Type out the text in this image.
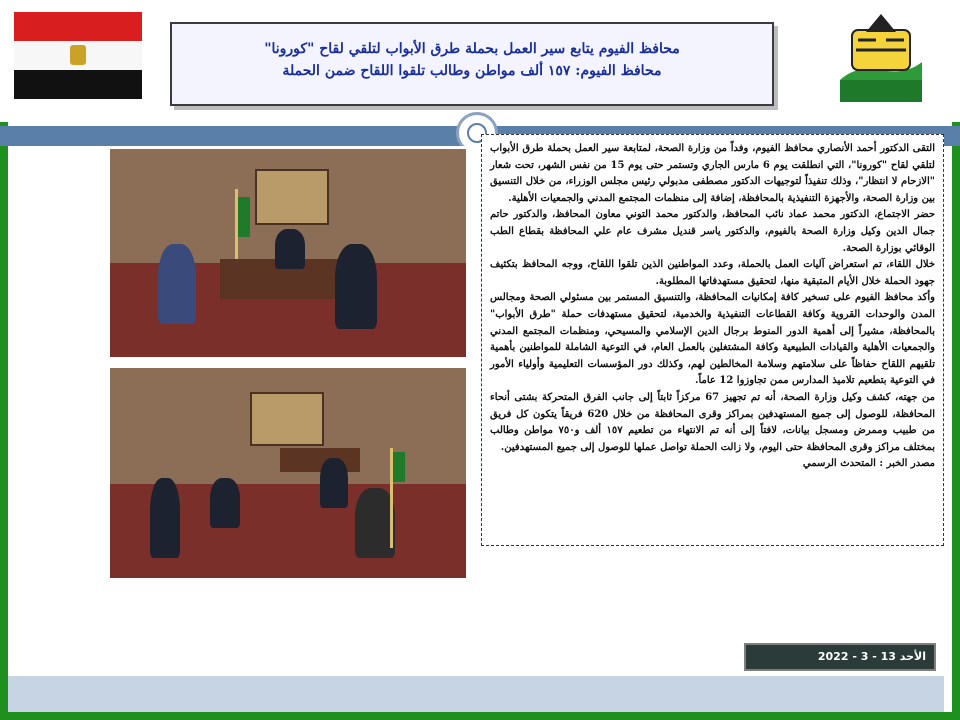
محافظ الفيوم يتابع سير العمل بحملة طرق الأبواب لتلقي لقاح "كورونا"
محافظ الفيوم: ١٥٧ ألف مواطن وطالب تلقوا اللقاح ضمن الحملة

التقى الدكتور أحمد الأنصاري محافظ الفيوم، وفداً من وزارة الصحة، لمتابعة سير العمل بحملة طرق الأبواب لتلقي لقاح "كورونا"، التي انطلقت يوم 6 مارس الجاري وتستمر حتى يوم 15 من نفس الشهر، تحت شعار "الازحام لا انتظار"، وذلك تنفيذاً لتوجيهات الدكتور مصطفى مدبولي رئيس مجلس الوزراء، من خلال التنسيق بين وزارة الصحة، والأجهزة التنفيذية بالمحافظة، إضافة إلى منظمات المجتمع المدني والجمعيات الأهلية.

حضر الاجتماع، الدكتور محمد عماد نائب المحافظ، والدكتور محمد التوني معاون المحافظ، والدكتور حاتم جمال الدين وكيل وزارة الصحة بالفيوم، والدكتور ياسر قنديل مشرف عام علي المحافظة بقطاع الطب الوقائي بوزارة الصحة.

خلال اللقاء، تم استعراض آليات العمل بالحملة، وعدد المواطنين الذين تلقوا اللقاح، ووجه المحافظ بتكثيف جهود الحملة خلال الأيام المتبقية منها، لتحقيق مستهدفاتها المطلوبة.

وأكد محافظ الفيوم على تسخير كافة إمكانيات المحافظة، والتنسيق المستمر بين مسئولي الصحة ومجالس المدن والوحدات القروية وكافة القطاعات التنفيذية والخدمية، لتحقيق مستهدفات حملة "طرق الأبواب" بالمحافظة، مشيراً إلى أهمية الدور المنوط برجال الدين الإسلامي والمسيحي، ومنظمات المجتمع المدني والجمعيات الأهلية والقيادات الطبيعية وكافة المشتغلين بالعمل العام، في التوعية الشاملة للمواطنين بأهمية تلقيهم اللقاح حفاظاً على سلامتهم وسلامة المخالطين لهم، وكذلك دور المؤسسات التعليمية وأولياء الأمور في التوعية بتطعيم تلاميذ المدارس ممن تجاوزوا 12 عاماً.

من جهته، كشف وكيل وزارة الصحة، أنه تم تجهيز 67 مركزاً ثابتاً إلى جانب الفرق المتحركة بشتى أنحاء المحافظة، للوصول إلى جميع المستهدفين بمراكز وقرى المحافظة من خلال 620 فريقاً يتكون كل فريق من طبيب وممرض ومسجل بيانات، لافتاً إلى أنه تم الانتهاء من تطعيم ١٥٧ ألف و٧٥٠ مواطن وطالب بمختلف مراكز وقرى المحافظة حتى اليوم، ولا زالت الحملة تواصل عملها للوصول إلى جميع المستهدفين.

مصدر الخبر : المتحدث الرسمي

الأحد 13 - 3 - 2022
